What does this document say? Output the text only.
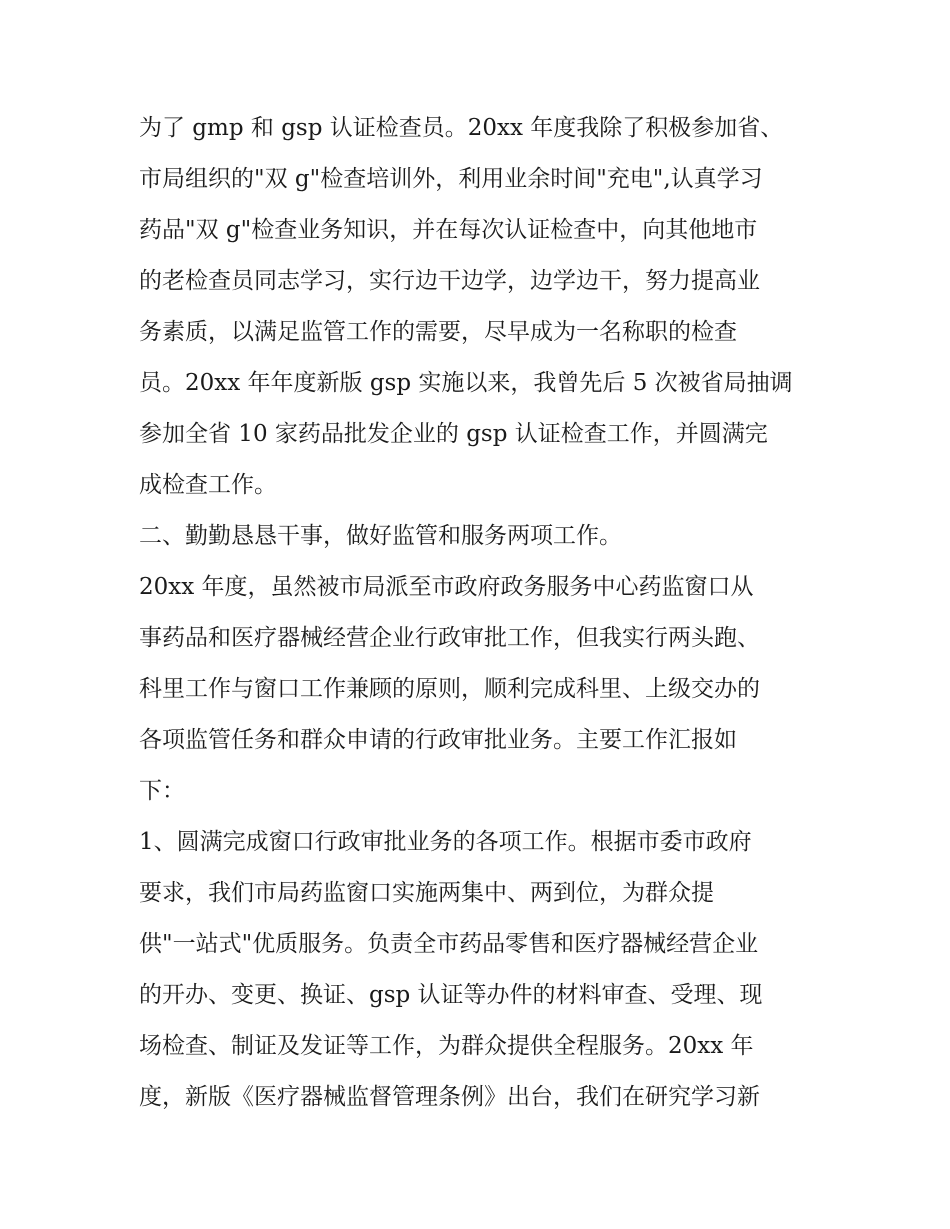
为了 gmp 和 gsp 认证检查员。20xx 年度我除了积极参加省、
市局组织的"双 g"检查培训外，利用业余时间"充电",认真学习
药品"双 g"检查业务知识，并在每次认证检查中，向其他地市
的老检查员同志学习，实行边干边学，边学边干，努力提高业
务素质，以满足监管工作的需要，尽早成为一名称职的检查
员。20xx 年年度新版 gsp 实施以来，我曾先后 5 次被省局抽调
参加全省 10 家药品批发企业的 gsp 认证检查工作，并圆满完
成检查工作。
二、勤勤恳恳干事，做好监管和服务两项工作。
20xx 年度，虽然被市局派至市政府政务服务中心药监窗口从
事药品和医疗器械经营企业行政审批工作，但我实行两头跑、
科里工作与窗口工作兼顾的原则，顺利完成科里、上级交办的
各项监管任务和群众申请的行政审批业务。主要工作汇报如
下：
1、圆满完成窗口行政审批业务的各项工作。根据市委市政府
要求，我们市局药监窗口实施两集中、两到位，为群众提
供"一站式"优质服务。负责全市药品零售和医疗器械经营企业
的开办、变更、换证、gsp 认证等办件的材料审查、受理、现
场检查、制证及发证等工作，为群众提供全程服务。20xx 年
度，新版《医疗器械监督管理条例》出台，我们在研究学习新
